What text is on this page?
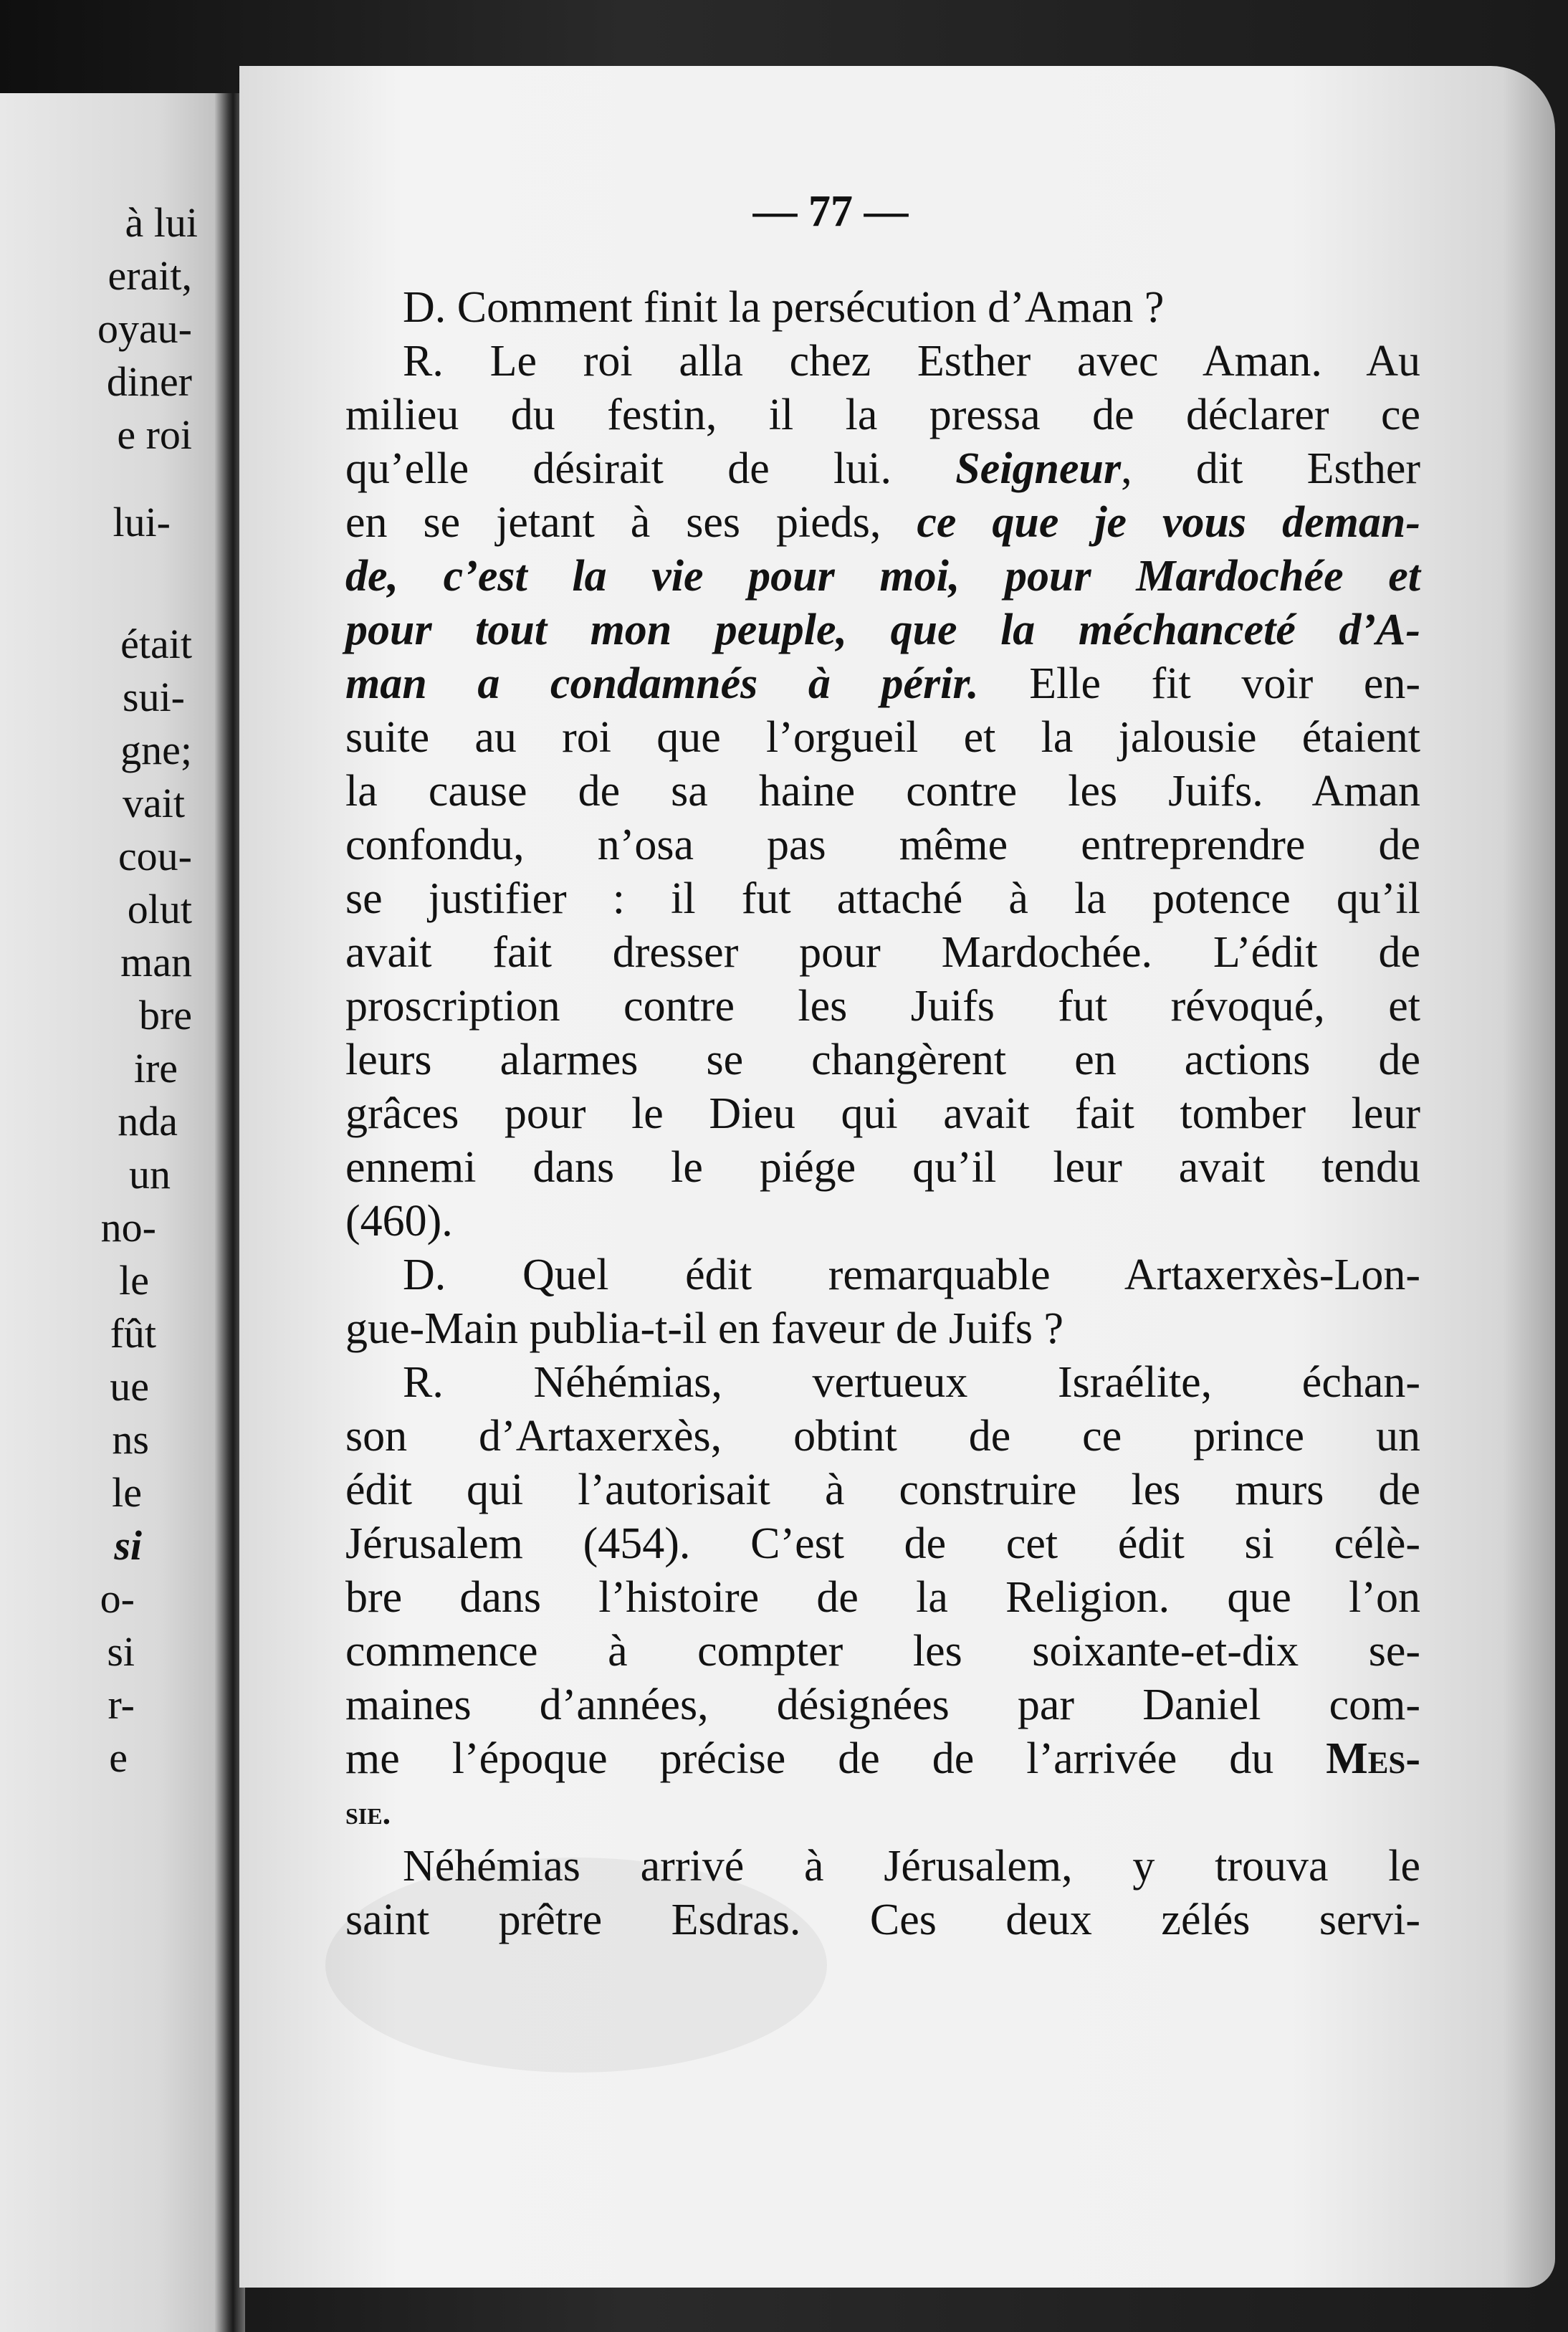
à lui
erait,
oyau-
diner
e roi
lui-
était
sui-
gne;
vait
cou-
olut
man
bre
ire
nda
un
no-
le
fût
ue
ns
le
si
o-
si
r-
e
— 77 —
D. Comment finit la persécution d’Aman ?
R. Le roi alla chez Esther avec Aman. Au
milieu du festin, il la pressa de déclarer ce
qu’elle désirait de lui. Seigneur, dit Esther
en se jetant à ses pieds, ce que je vous deman-
de, c’est la vie pour moi, pour Mardochée et
pour tout mon peuple, que la méchanceté d’A-
man a condamnés à périr. Elle fit voir en-
suite au roi que l’orgueil et la jalousie étaient
la cause de sa haine contre les Juifs. Aman
confondu, n’osa pas même entreprendre de
se justifier : il fut attaché à la potence qu’il
avait fait dresser pour Mardochée. L’édit de
proscription contre les Juifs fut révoqué, et
leurs alarmes se changèrent en actions de
grâces pour le Dieu qui avait fait tomber leur
ennemi dans le piége qu’il leur avait tendu
(460).
D. Quel édit remarquable Artaxerxès-Lon-
gue-Main publia-t-il en faveur de Juifs ?
R. Néhémias, vertueux Israélite, échan-
son d’Artaxerxès, obtint de ce prince un
édit qui l’autorisait à construire les murs de
Jérusalem (454). C’est de cet édit si célè-
bre dans l’histoire de la Religion. que l’on
commence à compter les soixante-et-dix se-
maines d’années, désignées par Daniel com-
me l’époque précise de de l’arrivée du Mes-
sie.
Néhémias arrivé à Jérusalem, y trouva le
saint prêtre Esdras. Ces deux zélés servi-
